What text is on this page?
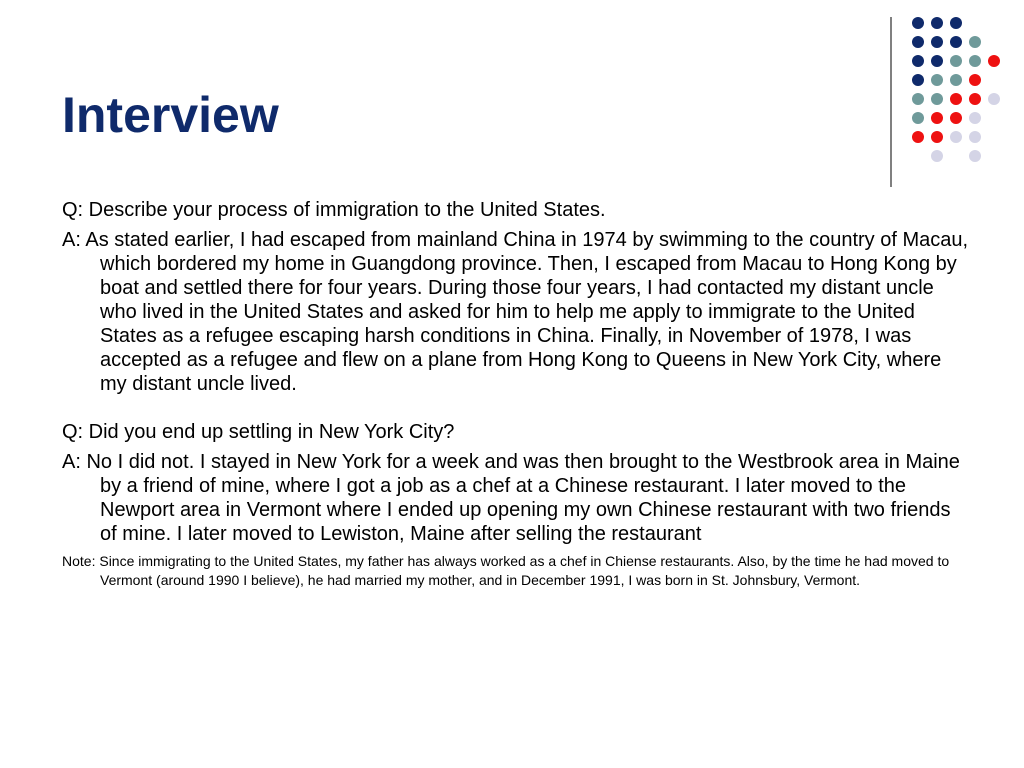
Interview

Q: Describe your process of immigration to the United States.

A: As stated earlier, I had escaped from mainland China in 1974 by swimming to the country of Macau, which bordered my home in Guangdong province. Then, I escaped from Macau to Hong Kong by boat and settled there for four years. During those four years, I had contacted my distant uncle who lived in the United States and asked for him to help me apply to immigrate to the United States as a refugee escaping harsh conditions in China. Finally, in November of 1978, I was accepted as a refugee and flew on a plane from Hong Kong to Queens in New York City, where my distant uncle lived.

Q: Did you end up settling in New York City?

A: No I did not. I stayed in New York for a week and was then brought to the Westbrook area in Maine by a friend of mine, where I got a job as a chef at a Chinese restaurant. I later moved to the Newport area in Vermont where I ended up opening my own Chinese restaurant with two friends of mine. I later moved to Lewiston, Maine after selling the restaurant

Note: Since immigrating to the United States, my father has always worked as a chef in Chiense restaurants. Also, by the time he had moved to Vermont (around 1990 I believe), he had married my mother, and in December 1991, I was born in St. Johnsbury, Vermont.
